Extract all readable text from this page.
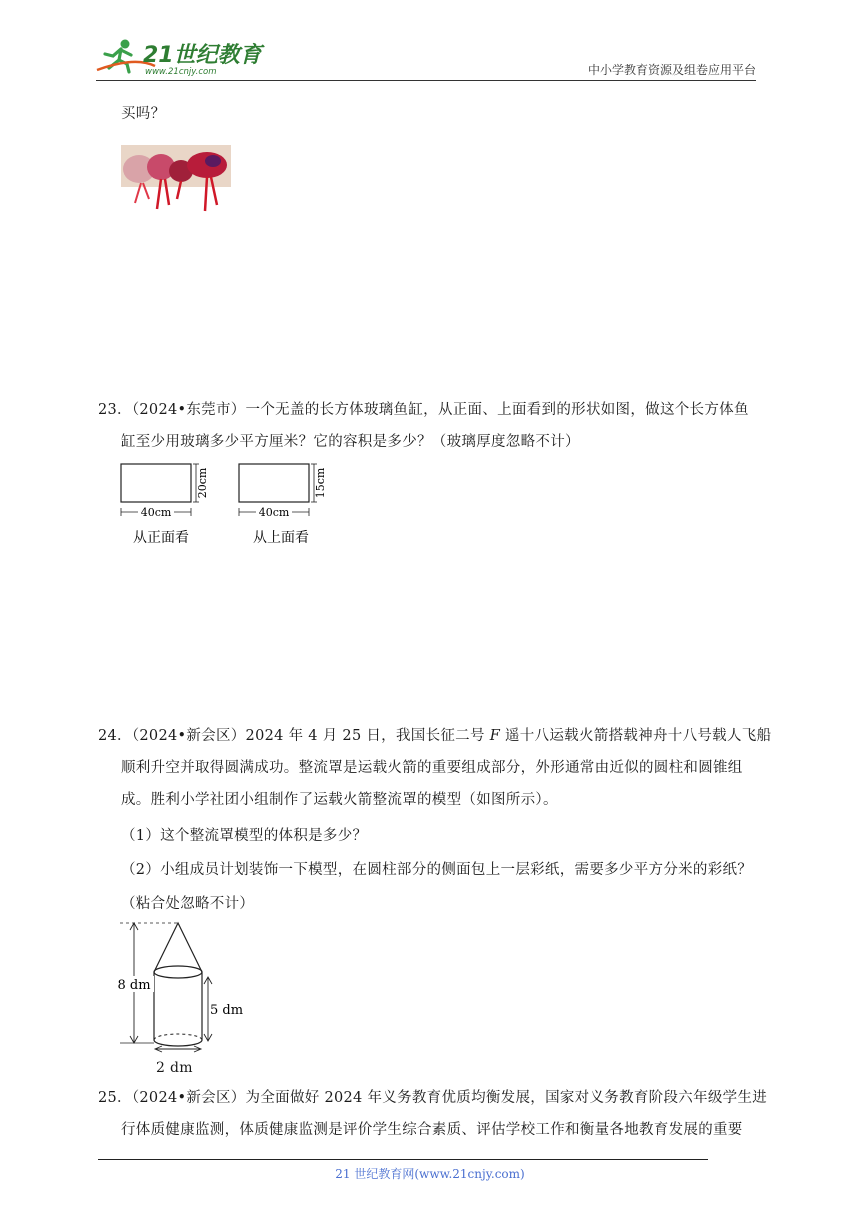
21世纪教育
www.21cnjy.com	中小学教育资源及组卷应用平台
买吗？
23．（2024•东莞市）一个无盖的长方体玻璃鱼缸，从正面、上面看到的形状如图，做这个长方体鱼
缸至少用玻璃多少平方厘米？它的容积是多少？（玻璃厚度忽略不计）
20cm
40cm
从正面看
15cm
40cm
从上面看
24．（2024•新会区）2024 年 4 月 25 日，我国长征二号 F 遥十八运载火箭搭载神舟十八号载人飞船
顺利升空并取得圆满成功。整流罩是运载火箭的重要组成部分，外形通常由近似的圆柱和圆锥组
成。胜利小学社团小组制作了运载火箭整流罩的模型（如图所示）。
（1）这个整流罩模型的体积是多少？
（2）小组成员计划装饰一下模型，在圆柱部分的侧面包上一层彩纸，需要多少平方分米的彩纸？
（粘合处忽略不计）
8 dm
5 dm
2 dm
25．（2024•新会区）为全面做好 2024 年义务教育优质均衡发展，国家对义务教育阶段六年级学生进
行体质健康监测，体质健康监测是评价学生综合素质、评估学校工作和衡量各地教育发展的重要
21 世纪教育网(www.21cnjy.com)
